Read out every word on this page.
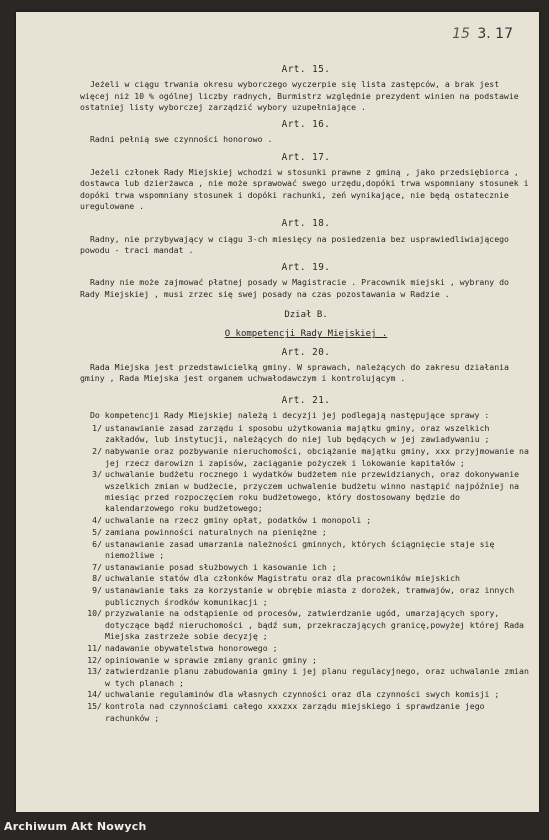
15 3. 17
Art. 15.
Jeżeli w ciągu trwania okresu wyborczego wyczerpie się lista zastępców, a brak jest więcej niż 10 % ogólnej liczby radnych, Burmistrz względnie prezydent winien na podstawie ostatniej listy wyborczej zarządzić wybory uzupełniające .
Art. 16.
Radni pełnią swe czynności honorowo .
Art. 17.
Jeżeli członek Rady Miejskiej wchodzi w stosunki prawne z gminą , jako przedsiębiorca , dostawca lub dzierżawca , nie może sprawować swego urzędu,dopóki trwa wspomniany stosunek i dopóki trwa wspomniany stosunek i dopóki rachunki, zeń wynikające, nie będą ostatecznie uregulowane .
Art. 18.
Radny, nie przybywający w ciągu 3-ch miesięcy na posiedzenia bez usprawiedliwiającego powodu - traci mandat .
Art. 19.
Radny nie może zajmować płatnej posady w Magistracie . Pracownik miejski , wybrany do Rady Miejskiej , musi zrzec się swej posady na czas pozostawania w Radzie .
Dział B.
O kompetencji Rady Miejskiej .
Art. 20.
Rada Miejska jest przedstawicielką gminy. W sprawach, należących do zakresu działania gminy , Rada Miejska jest organem uchwałodawczym i kontrolującym .
Art. 21.
Do kompetencji Rady Miejskiej należą i decyzji jej podlegają następujące sprawy :
1/ ustanawianie zasad zarządu i sposobu użytkowania majątku gminy, oraz wszelkich zakładów, lub instytucji, należących do niej lub będących w jej zawiadywaniu ;
2/ nabywanie oraz pozbywanie nieruchomości, obciążanie majątku gminy, xxx przyjmowanie na jej rzecz darowizn i zapisów, zaciąganie pożyczek i lokowanie kapitałów ;
3/ uchwalanie budżetu rocznego i wydatków budżetem nie przewidzianych, oraz dokonywanie wszelkich zmian w budżecie, przyczem uchwalenie budżetu winno nastąpić najpóźniej na miesiąc przed rozpoczęciem roku budżetowego, który dostosowany będzie do kalendarzowego roku budżetowego;
4/ uchwalanie na rzecz gminy opłat, podatków i monopoli ;
5/ zamiana powinności naturalnych na pieniężne ;
6/ ustanawianie zasad umarzania należności gminnych, których ściągnięcie staje się niemożliwe ;
7/ ustanawianie posad służbowych i kasowanie ich ;
8/ uchwalanie statów dla członków Magistratu oraz dla pracowników miejskich
9/ ustanawianie taks za korzystanie w obrębie miasta z dorożek, tramwajów, oraz innych publicznych środków komunikacji ;
10/ przyzwalanie na odstąpienie od procesów, zatwierdzanie ugód, umarzających spory, dotyczące bądź nieruchomości , bądź sum, przekraczających granicę,powyżej której Rada Miejska zastrzeże sobie decyzję ;
11/ nadawanie obywatelstwa honorowego ;
12/ opiniowanie w sprawie zmiany granic gminy ;
13/ zatwierdzanie planu zabudowania gminy i jej planu regulacyjnego, oraz uchwalanie zmian w tych planach ;
14/ uchwalanie regulaminów dla własnych czynności oraz dla czynności swych komisji ;
15/ kontrola nad czynnościami całego xxxzxx zarządu miejskiego i sprawdzanie jego rachunków ;
Archiwum Akt Nowych
